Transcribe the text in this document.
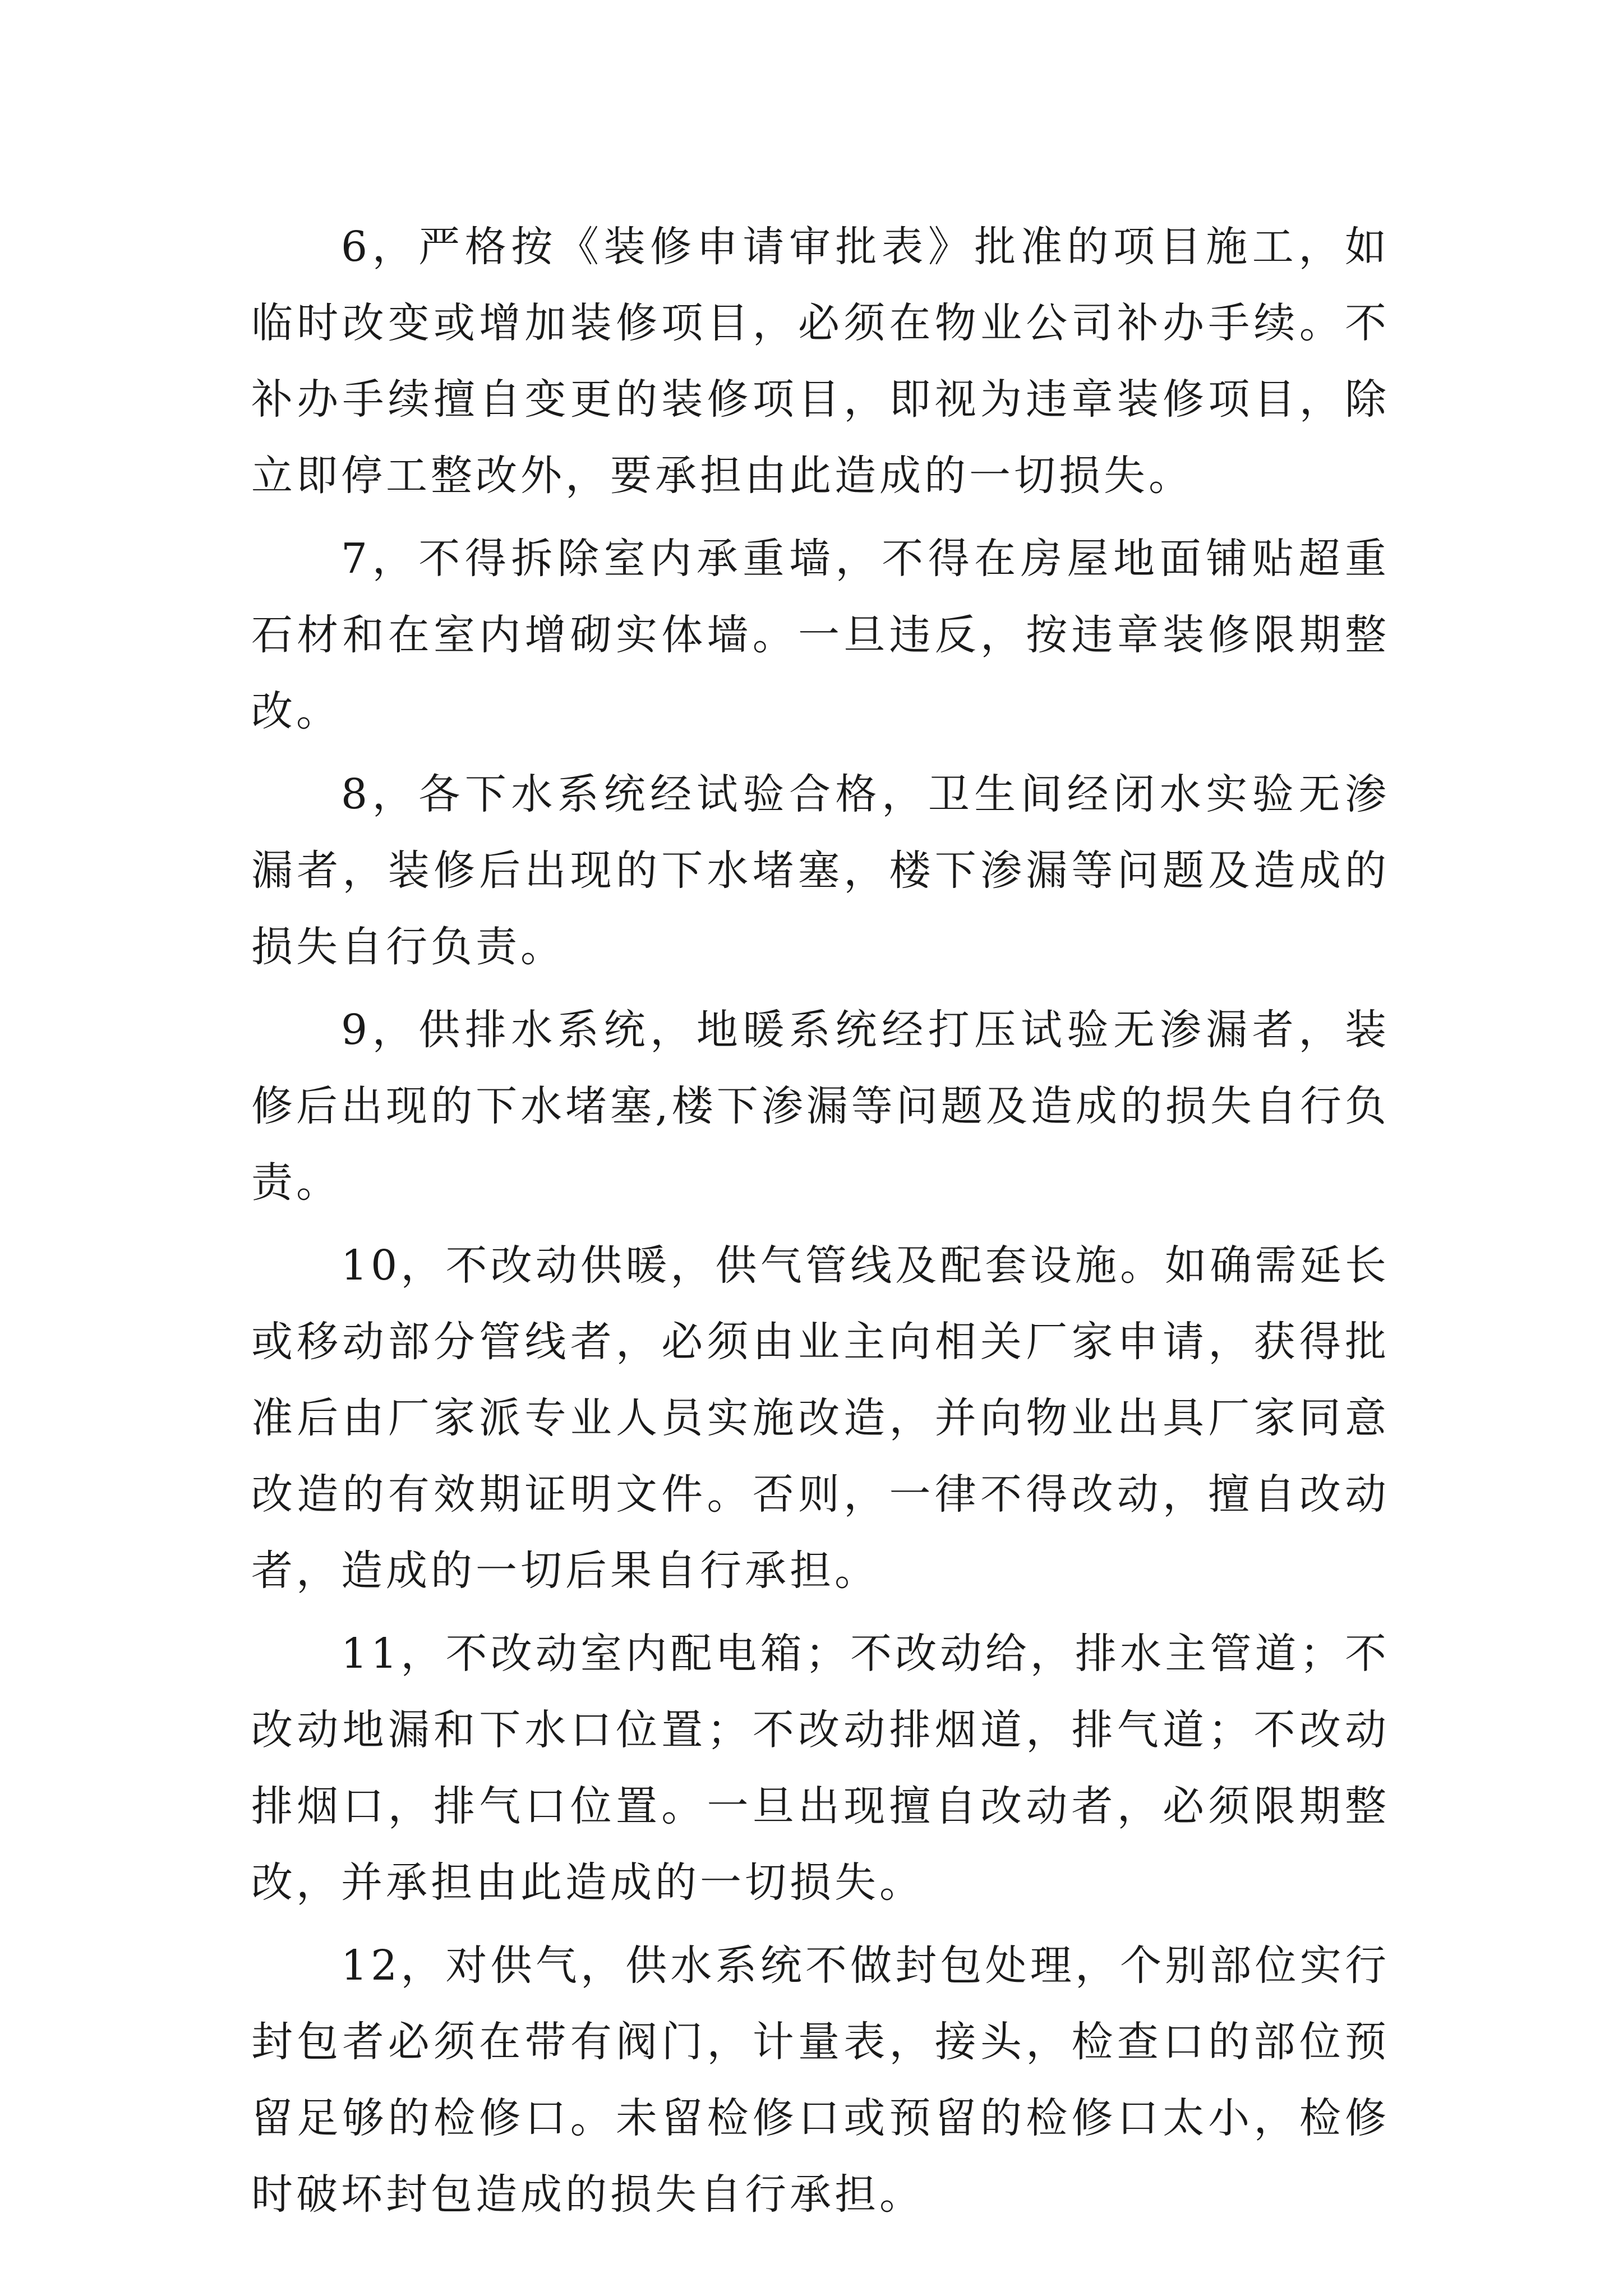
6，严格按《装修申请审批表》批准的项目施工，如临时改变或增加装修项目，必须在物业公司补办手续。不补办手续擅自变更的装修项目，即视为违章装修项目，除立即停工整改外，要承担由此造成的一切损失。

7，不得拆除室内承重墙，不得在房屋地面铺贴超重石材和在室内增砌实体墙。一旦违反，按违章装修限期整改。

8，各下水系统经试验合格，卫生间经闭水实验无渗漏者，装修后出现的下水堵塞，楼下渗漏等问题及造成的损失自行负责。

9，供排水系统，地暖系统经打压试验无渗漏者，装修后出现的下水堵塞,楼下渗漏等问题及造成的损失自行负责。

10，不改动供暖，供气管线及配套设施。如确需延长或移动部分管线者，必须由业主向相关厂家申请，获得批准后由厂家派专业人员实施改造，并向物业出具厂家同意改造的有效期证明文件。否则，一律不得改动，擅自改动者，造成的一切后果自行承担。

11，不改动室内配电箱；不改动给，排水主管道；不改动地漏和下水口位置；不改动排烟道，排气道；不改动排烟口，排气口位置。一旦出现擅自改动者，必须限期整改，并承担由此造成的一切损失。

12，对供气，供水系统不做封包处理，个别部位实行封包者必须在带有阀门，计量表，接头，检查口的部位预留足够的检修口。未留检修口或预留的检修口太小，检修时破坏封包造成的损失自行承担。
